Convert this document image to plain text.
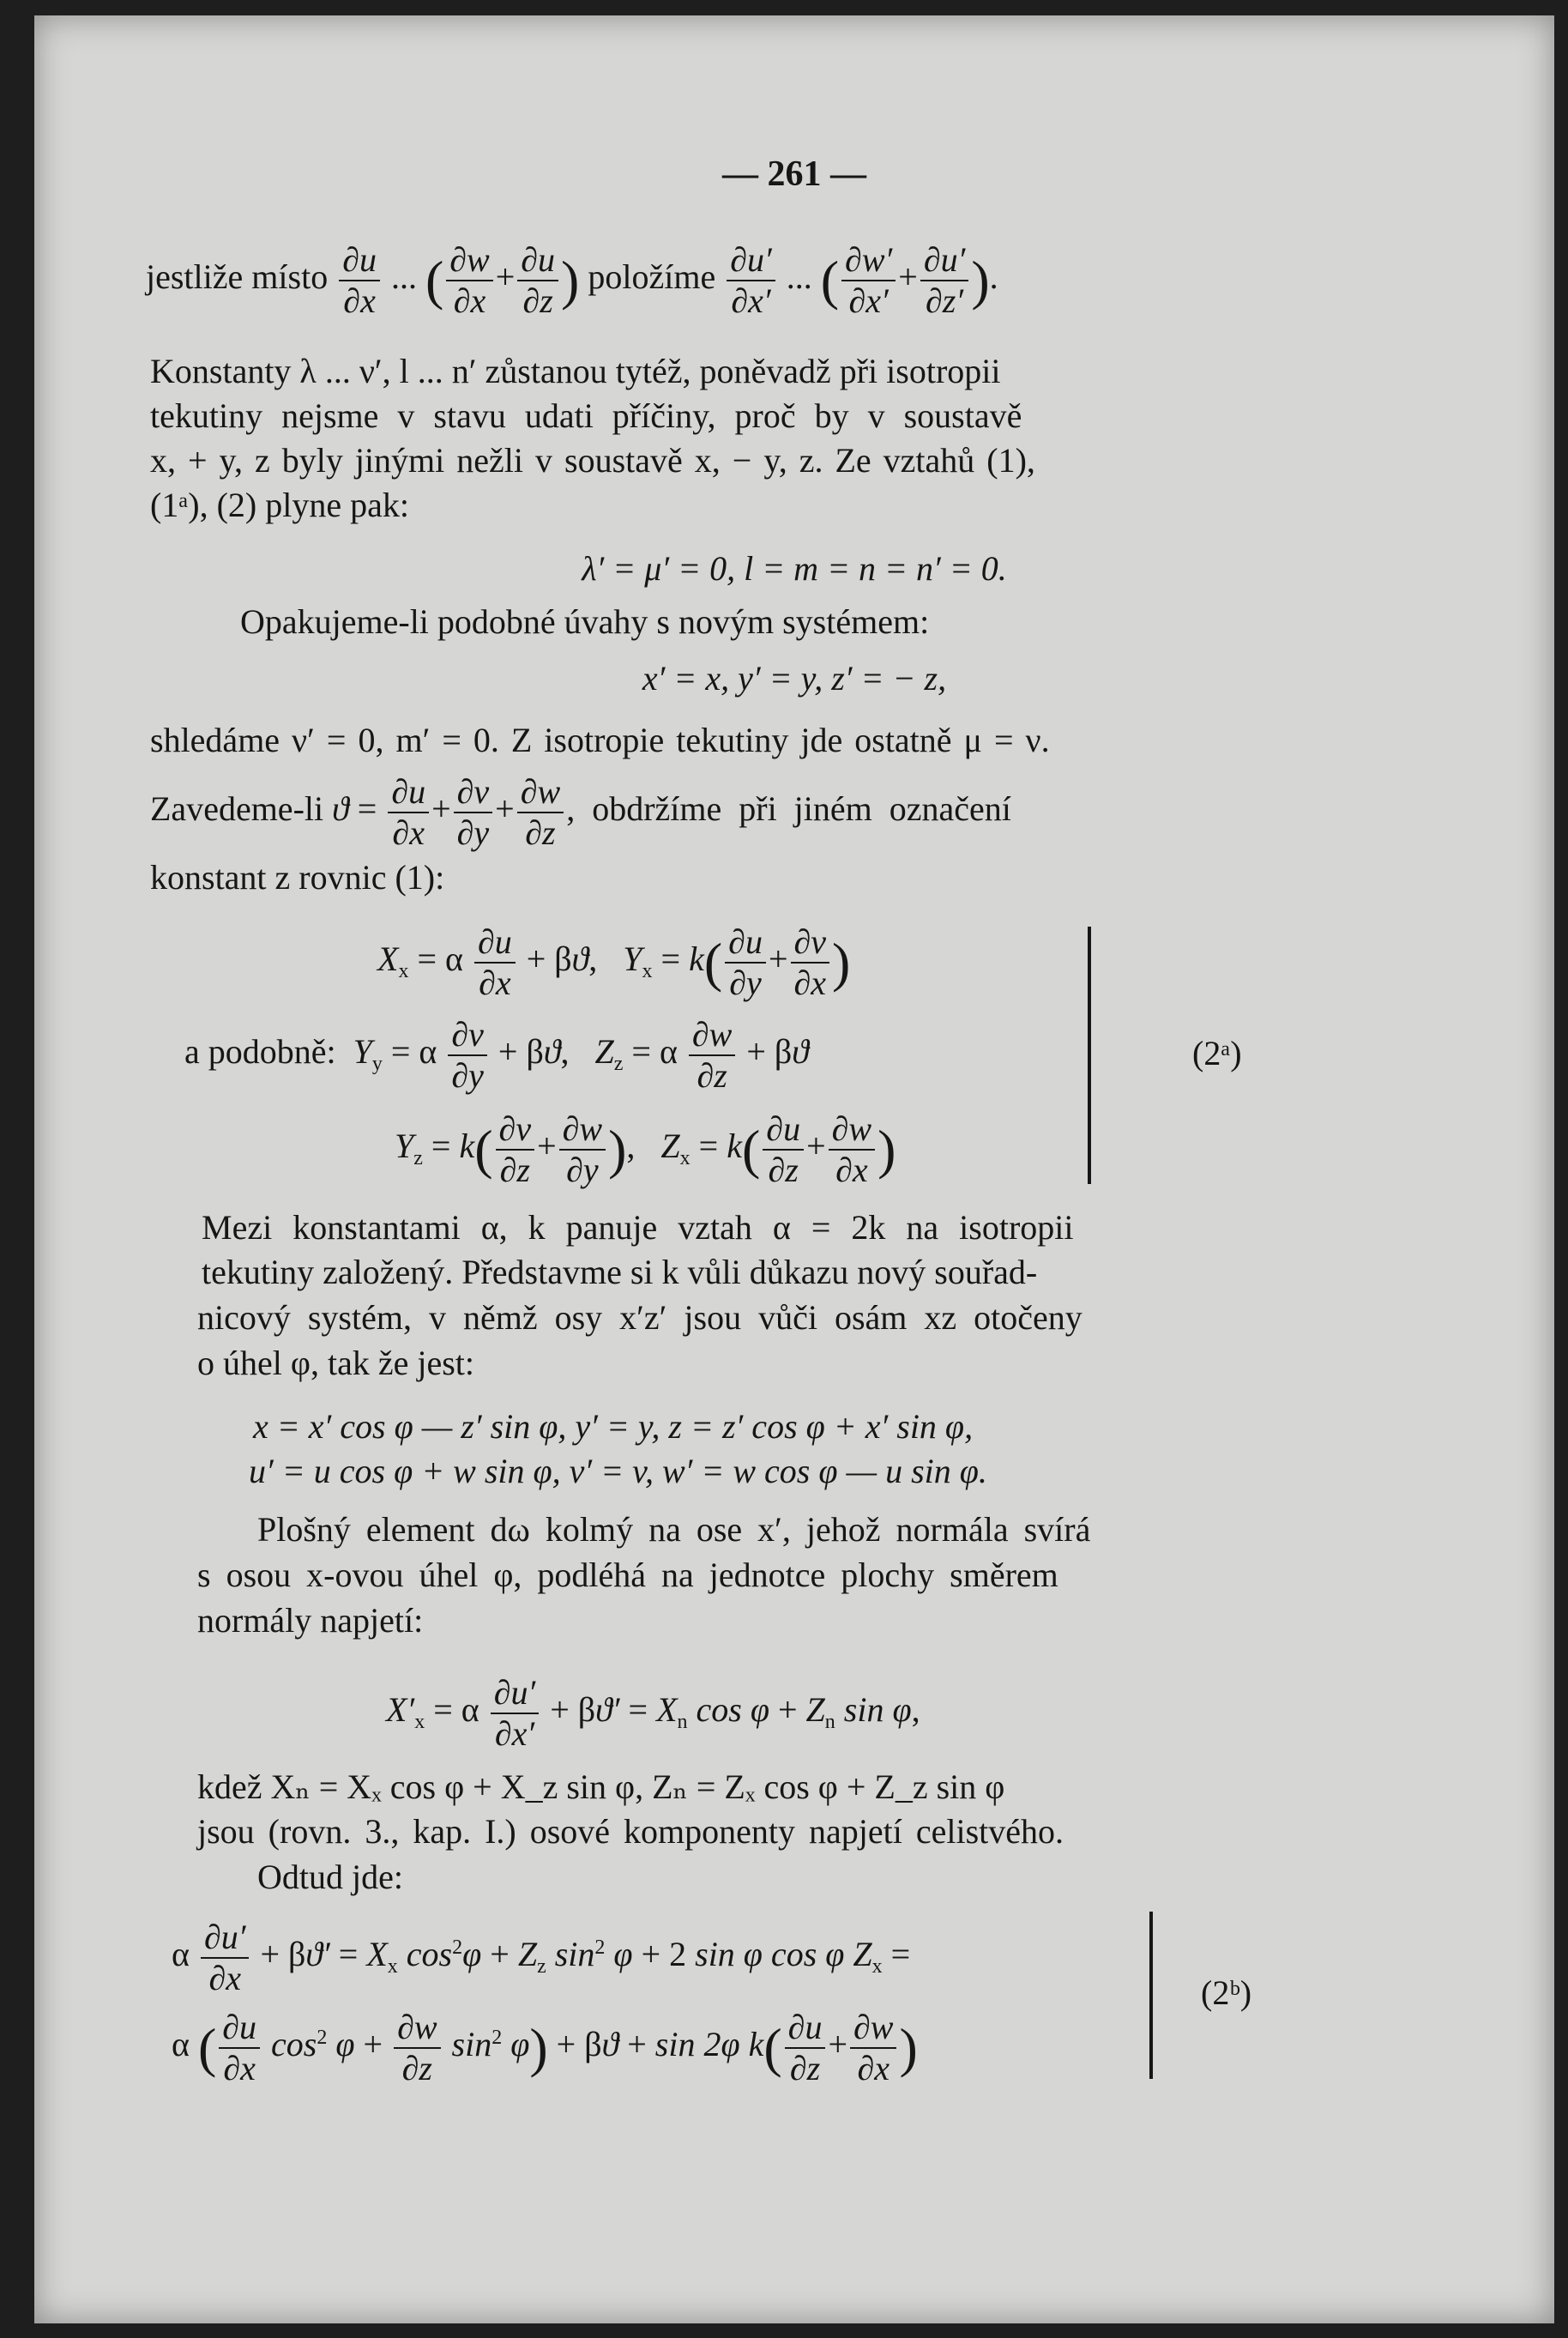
— 261 —
jestliže místo $\frac{\partial u}{\partial x}$ ... ( $\frac{\partial w}{\partial x} + \frac{\partial u}{\partial z}$ ) položíme $\frac{\partial u'}{\partial x'}$ ... ( $\frac{\partial w'}{\partial x'} + \frac{\partial u'}{\partial z'}$ ).
Konstanty λ ... ν′, l ... n′ zůstanou tytéž, poněvadž při isotropii
tekutiny nejsme v stavu udati příčiny, proč by v soustavě
x, + y, z byly jinými nežli v soustavě x, − y, z. Ze vztahů (1),
(1ᵃ), (2) plyne pak:
λ′ = μ′ = 0, l = m = n = n′ = 0.
Opakujeme-li podobné úvahy s novým systémem:
x′ = x, y′ = y, z′ = − z,
shledáme ν′ = 0, m′ = 0. Z isotropie tekutiny jde ostatně μ = ν.
Zavedeme-li $ϑ = \frac{\partial u}{\partial x} + \frac{\partial v}{\partial y} + \frac{\partial w}{\partial z}$ , obdržíme při jiném označení
konstant z rovnic (1):
$X_x = \alpha \frac{\partial u}{\partial x} + \beta ϑ$,   $Y_x = k( \frac{\partial u}{\partial y} + \frac{\partial v}{\partial x}$ )
a podobně: $Y_y = \alpha \frac{\partial v}{\partial y} + \beta ϑ$,   $Z_z = \alpha \frac{\partial w}{\partial z} + \beta ϑ$
$Y_z = k( \frac{\partial v}{\partial z} + \frac{\partial w}{\partial y}$ ),   $Z_x = k( \frac{\partial u}{\partial z} + \frac{\partial w}{\partial x}$ )
(2ᵃ)
Mezi konstantami α, k panuje vztah α = 2k na isotropii
tekutiny založený. Představme si k vůli důkazu nový souřad-
nicový systém, v němž osy x′z′ jsou vůči osám xz otočeny
o úhel φ, tak že jest:
x = x′ cos φ — z′ sin φ, y′ = y, z = z′ cos φ + x′ sin φ,
u′ = u cos φ + w sin φ, v′ = v, w′ = w cos φ — u sin φ.
Plošný element dω kolmý na ose x′, jehož normála svírá
s osou x-ovou úhel φ, podléhá na jednotce plochy směrem
normály napjetí:
$X'_x = \alpha \frac{\partial u'}{\partial x'} + \beta ϑ' = X_n$ $\cos \varphi + Z_n$ sin φ,
kdež Xₙ = Xₓ cos φ + X_z sin φ, Zₙ = Zₓ cos φ + Z_z sin φ
jsou (rovn. 3., kap. I.) osové komponenty napjetí celistvého.
Odtud jde:
α $\frac{\partial u'}{\partial x} + \beta ϑ' = X_x$ $\cos^2\varphi + Z_z$ $\sin^2 \varphi + 2$ sin φ cos φ $Z_x$ =
α ( $\frac{\partial u}{\partial x} \cos^2 \varphi + \frac{\partial w}{\partial z} \sin^2 \varphi) + \beta ϑ + \sin 2\varphi$ $k( \frac{\partial u}{\partial z} + \frac{\partial w}{\partial x}$ )
(2ᵇ)
